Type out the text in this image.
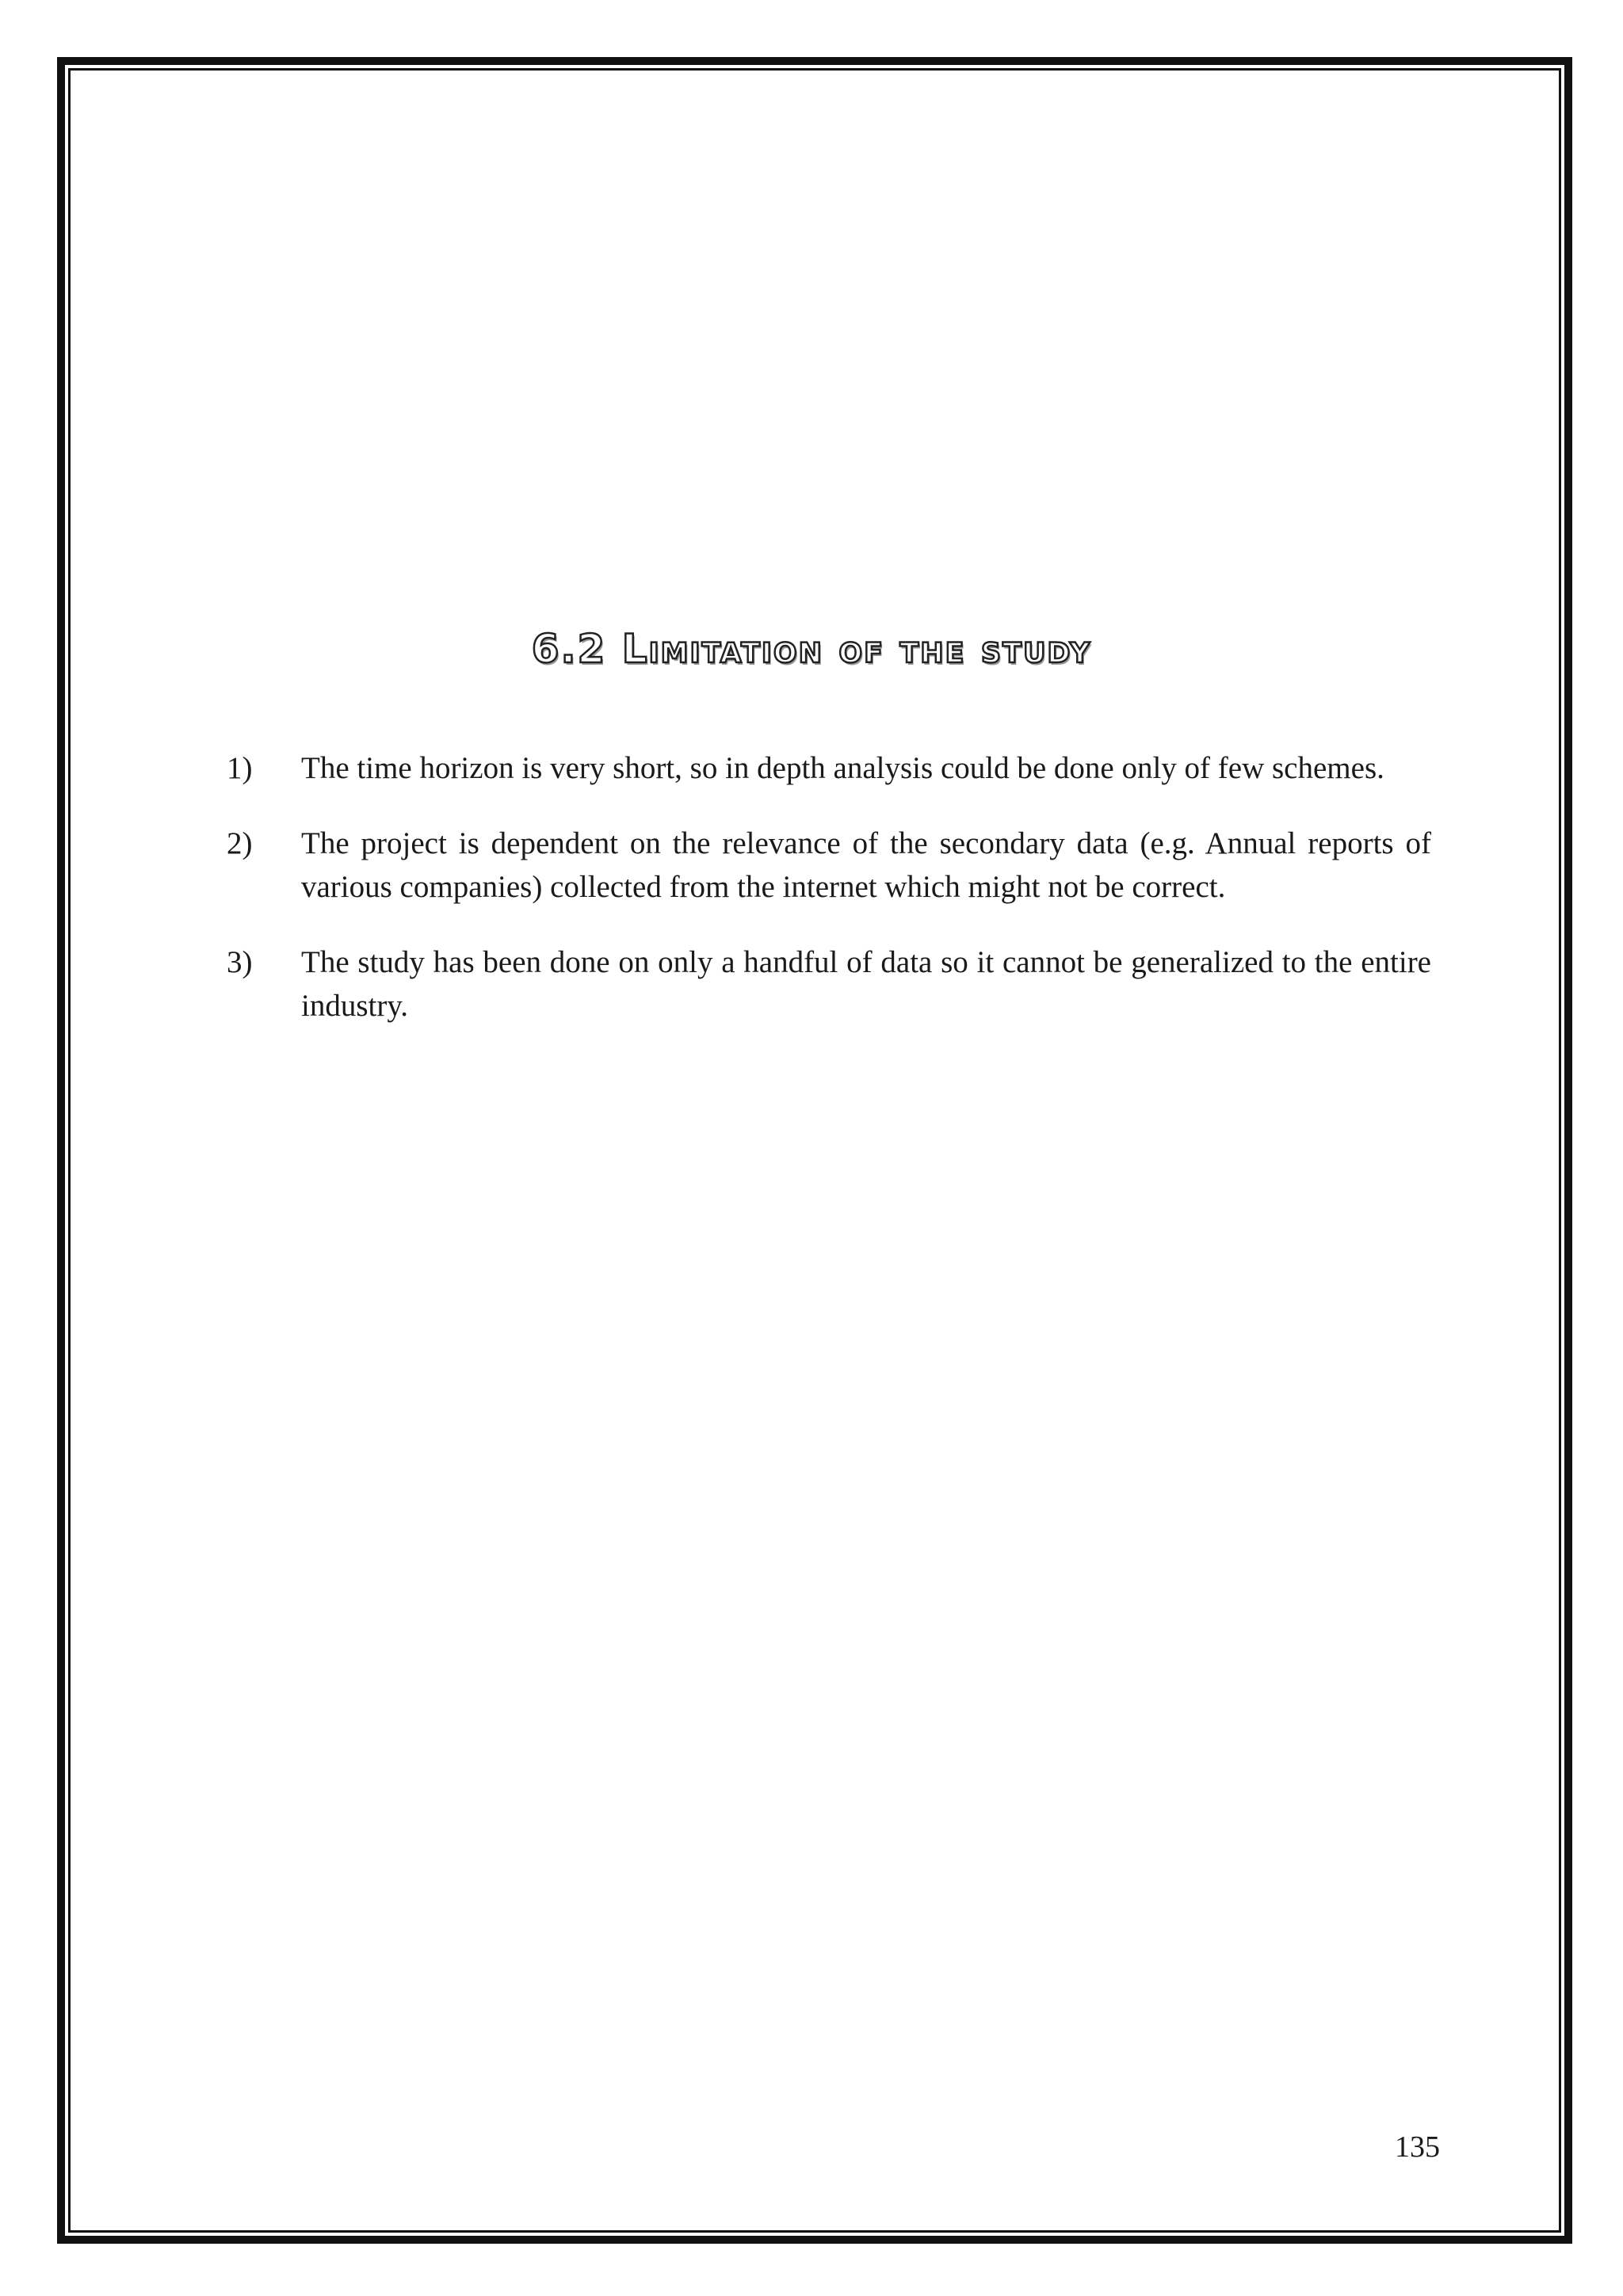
6.2 Limitation of the study
1) The time horizon is very short, so in depth analysis could be done only of few schemes.
2) The project is dependent on the relevance of the secondary data (e.g. Annual reports of various companies) collected from the internet which might not be correct.
3) The study has been done on only a handful of data so it cannot be generalized to the entire industry.
135
